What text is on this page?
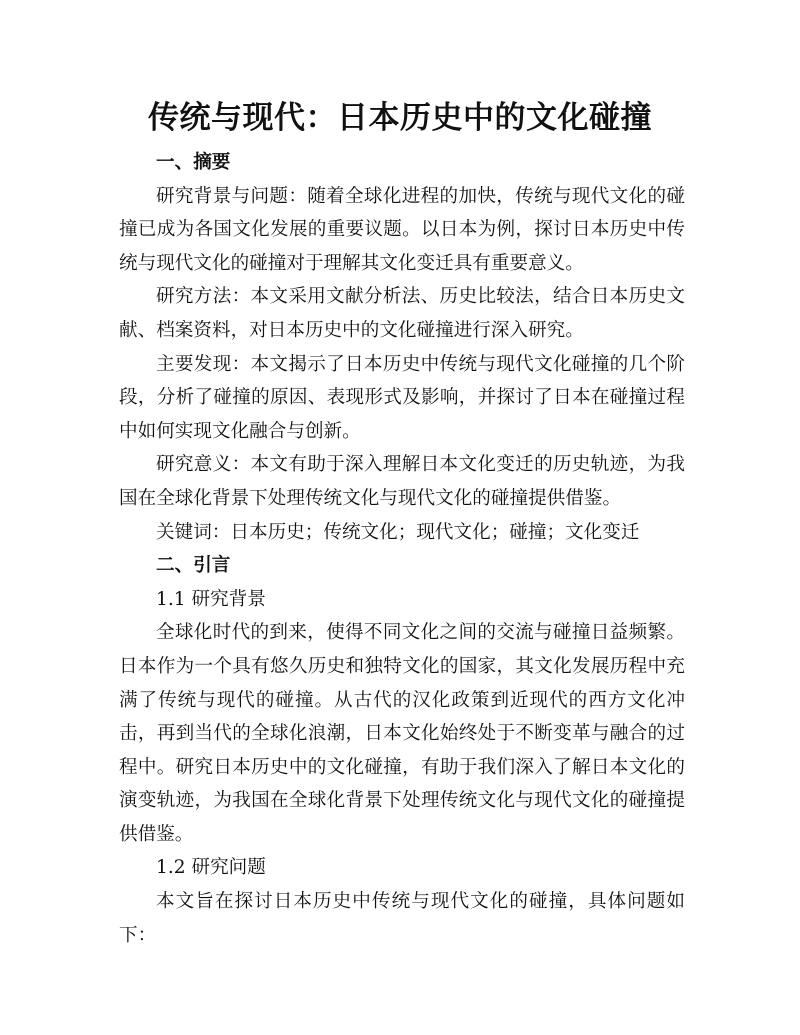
传统与现代：日本历史中的文化碰撞

一、摘要

研究背景与问题：随着全球化进程的加快，传统与现代文化的碰撞已成为各国文化发展的重要议题。以日本为例，探讨日本历史中传统与现代文化的碰撞对于理解其文化变迁具有重要意义。

研究方法：本文采用文献分析法、历史比较法，结合日本历史文献、档案资料，对日本历史中的文化碰撞进行深入研究。

主要发现：本文揭示了日本历史中传统与现代文化碰撞的几个阶段，分析了碰撞的原因、表现形式及影响，并探讨了日本在碰撞过程中如何实现文化融合与创新。

研究意义：本文有助于深入理解日本文化变迁的历史轨迹，为我国在全球化背景下处理传统文化与现代文化的碰撞提供借鉴。

关键词：日本历史；传统文化；现代文化；碰撞；文化变迁

二、引言

1.1 研究背景

全球化时代的到来，使得不同文化之间的交流与碰撞日益频繁。日本作为一个具有悠久历史和独特文化的国家，其文化发展历程中充满了传统与现代的碰撞。从古代的汉化政策到近现代的西方文化冲击，再到当代的全球化浪潮，日本文化始终处于不断变革与融合的过程中。研究日本历史中的文化碰撞，有助于我们深入了解日本文化的演变轨迹，为我国在全球化背景下处理传统文化与现代文化的碰撞提供借鉴。

1.2 研究问题

本文旨在探讨日本历史中传统与现代文化的碰撞，具体问题如下：
